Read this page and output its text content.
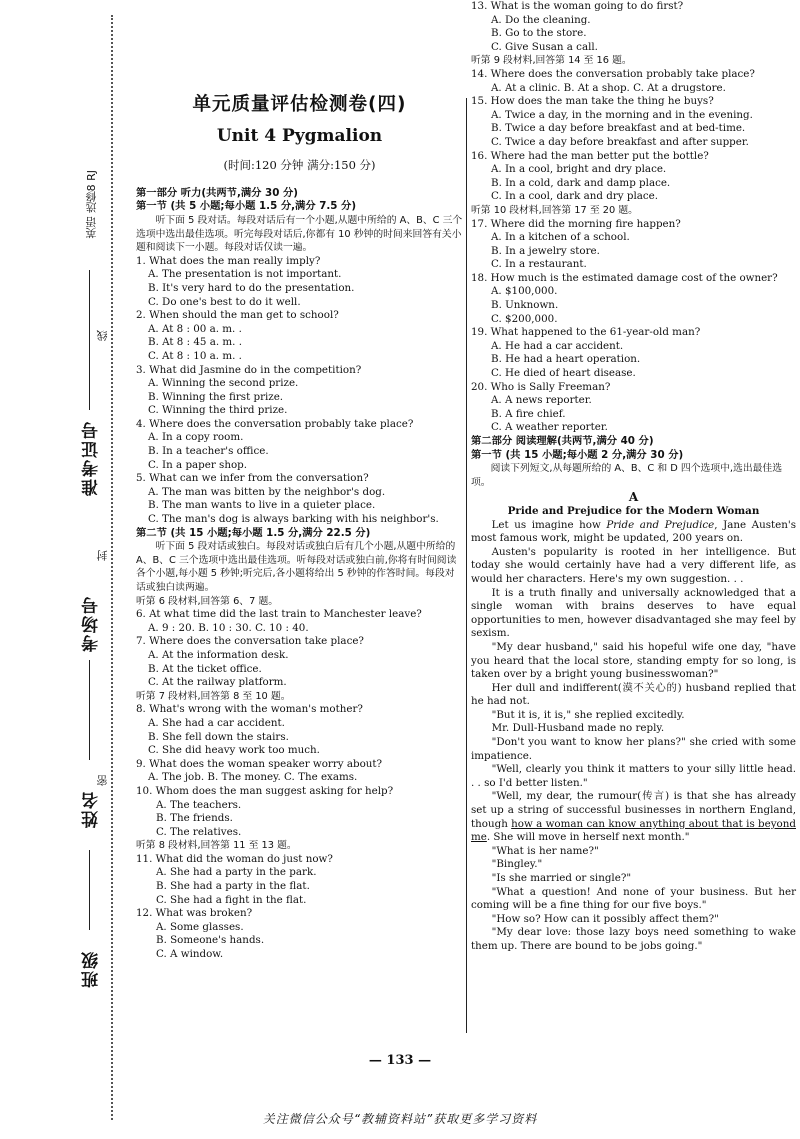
英语 选修8 RJ
线
准考证号
封
考场号
姓名
密
班级
单元质量评估检测卷(四)
Unit 4 Pygmalion
(时间:120 分钟 满分:150 分)

第一部分 听力(共两节,满分 30 分)

第一节 (共 5 小题;每小题 1.5 分,满分 7.5 分)

听下面 5 段对话。每段对话后有一个小题,从题中所给的 A、B、C 三个选项中选出最佳选项。听完每段对话后,你都有 10 秒钟的时间来回答有关小题和阅读下一小题。每段对话仅读一遍。

1. What does the man really imply?

A. The presentation is not important.

B. It's very hard to do the presentation.

C. Do one's best to do it well.

2. When should the man get to school?

A. At 8 : 00 a. m. .

B. At 8 : 45 a. m. .

C. At 8 : 10 a. m. .

3. What did Jasmine do in the competition?

A. Winning the second prize.

B. Winning the first prize.

C. Winning the third prize.

4. Where does the conversation probably take place?

A. In a copy room.

B. In a teacher's office.

C. In a paper shop.

5. What can we infer from the conversation?

A. The man was bitten by the neighbor's dog.

B. The man wants to live in a quieter place.

C. The man's dog is always barking with his neighbor's.

第二节 (共 15 小题;每小题 1.5 分,满分 22.5 分)

听下面 5 段对话或独白。每段对话或独白后有几个小题,从题中所给的 A、B、C 三个选项中选出最佳选项。听每段对话或独白前,你将有时间阅读各个小题,每小题 5 秒钟;听完后,各小题将给出 5 秒钟的作答时间。每段对话或独白读两遍。

听第 6 段材料,回答第 6、7 题。

6. At what time did the last train to Manchester leave?

A. 9 : 20. B. 10 : 30. C. 10 : 40.

7. Where does the conversation take place?

A. At the information desk.

B. At the ticket office.

C. At the railway platform.

听第 7 段材料,回答第 8 至 10 题。

8. What's wrong with the woman's mother?

A. She had a car accident.

B. She fell down the stairs.

C. She did heavy work too much.

9. What does the woman speaker worry about?

A. The job. B. The money. C. The exams.

10. Whom does the man suggest asking for help?

A. The teachers.

B. The friends.

C. The relatives.

听第 8 段材料,回答第 11 至 13 题。

11. What did the woman do just now?

A. She had a party in the park.

B. She had a party in the flat.

C. She had a fight in the flat.

12. What was broken?

A. Some glasses.

B. Someone's hands.

C. A window.

13. What is the woman going to do first?

A. Do the cleaning.

B. Go to the store.

C. Give Susan a call.

听第 9 段材料,回答第 14 至 16 题。

14. Where does the conversation probably take place?

A. At a clinic. B. At a shop. C. At a drugstore.

15. How does the man take the thing he buys?

A. Twice a day, in the morning and in the evening.

B. Twice a day before breakfast and at bed-time.

C. Twice a day before breakfast and after supper.

16. Where had the man better put the bottle?

A. In a cool, bright and dry place.

B. In a cold, dark and damp place.

C. In a cool, dark and dry place.

听第 10 段材料,回答第 17 至 20 题。

17. Where did the morning fire happen?

A. In a kitchen of a school.

B. In a jewelry store.

C. In a restaurant.

18. How much is the estimated damage cost of the owner?

A. $100,000.

B. Unknown.

C. $200,000.

19. What happened to the 61-year-old man?

A. He had a car accident.

B. He had a heart operation.

C. He died of heart disease.

20. Who is Sally Freeman?

A. A news reporter.

B. A fire chief.

C. A weather reporter.

第二部分 阅读理解(共两节,满分 40 分)

第一节 (共 15 小题;每小题 2 分,满分 30 分)

阅读下列短文,从每题所给的 A、B、C 和 D 四个选项中,选出最佳选项。

A
Pride and Prejudice for the Modern Woman

Let us imagine how Pride and Prejudice, Jane Austen's most famous work, might be updated, 200 years on.

Austen's popularity is rooted in her intelligence. But today she would certainly have had a very different life, as would her characters. Here's my own suggestion. . .

It is a truth finally and universally acknowledged that a single woman with brains deserves to have equal opportunities to men, however disadvantaged she may feel by sexism.

"My dear husband," said his hopeful wife one day, "have you heard that the local store, standing empty for so long, is taken over by a bright young businesswoman?"

Her dull and indifferent(漠不关心的) husband replied that he had not.

"But it is, it is," she replied excitedly.

Mr. Dull-Husband made no reply.

"Don't you want to know her plans?" she cried with some impatience.

"Well, clearly you think it matters to your silly little head. . . so I'd better listen."

"Well, my dear, the rumour(传言) is that she has already set up a string of successful businesses in northern England, though how a woman can know anything about that is beyond me. She will move in herself next month."

"What is her name?"

"Bingley."

"Is she married or single?"

"What a question! And none of your business. But her coming will be a fine thing for our five boys."

"How so? How can it possibly affect them?"

"My dear love: those lazy boys need something to wake them up. There are bound to be jobs going."

— 133 —
关注微信公众号“教辅资料站”获取更多学习资料
